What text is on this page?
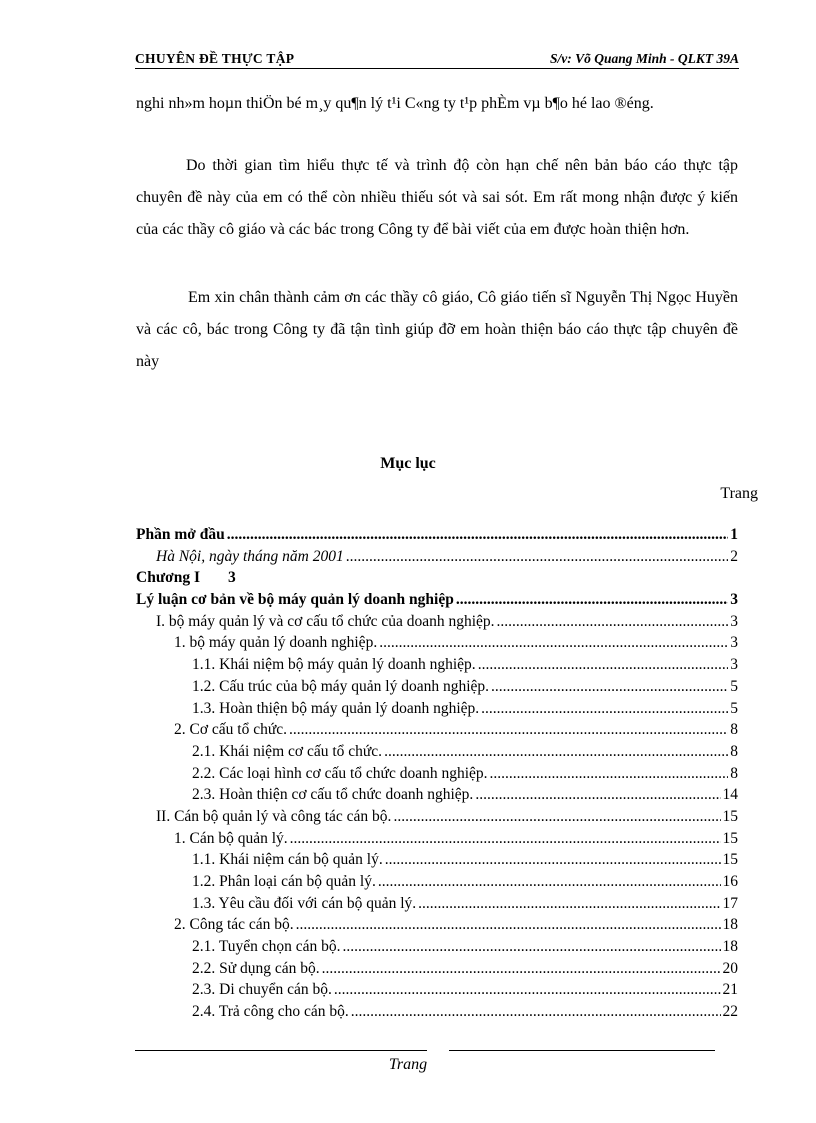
CHUYÊN ĐỀ THỰC TẬP	S/v: Võ Quang Minh - QLKT 39A

nghi nh»m hoµn thiÖn bé m¸y qu¶n lý t¹i C«ng ty t¹p phÈm vµ b¶o hé lao ®éng.

Do thời gian tìm hiểu thực tế và trình độ còn hạn chế nên bản báo cáo thực tập chuyên đề này của em có thể còn nhiều thiếu sót và sai sót. Em rất mong nhận được ý kiến của các thầy cô giáo và các bác trong Công ty để bài viết của em được hoàn thiện hơn.

Em xin chân thành cảm ơn các thầy cô giáo, Cô giáo tiến sĩ Nguyễn Thị Ngọc Huyền và các cô, bác trong Công ty đã tận tình giúp đỡ em hoàn thiện báo cáo thực tập chuyên đề này

Mục lục
Trang
Phần mở đầu .....	1
Hà Nội, ngày tháng năm 2001 .....	2
Chương I 3
Lý luận cơ bản về bộ máy quản lý doanh nghiệp .....	3
I. bộ máy quản lý và cơ cấu tổ chức của doanh nghiệp. .....	3
1. bộ máy quản lý doanh nghiệp. .....	3
1.1. Khái niệm bộ máy quản lý doanh nghiệp. .....	3
1.2. Cấu trúc của bộ máy quản lý doanh nghiệp. .....	5
1.3. Hoàn thiện bộ máy quản lý doanh nghiệp. .....	5
2. Cơ cấu tổ chức. .....	8
2.1. Khái niệm cơ cấu tổ chức. .....	8
2.2. Các loại hình cơ cấu tổ chức doanh nghiệp. .....	8
2.3. Hoàn thiện cơ cấu tổ chức doanh nghiệp. .....	14
II. Cán bộ quản lý và công tác cán bộ. .....	15
1. Cán bộ quản lý. .....	15
1.1. Khái niệm cán bộ quản lý. .....	15
1.2. Phân loại cán bộ quản lý. .....	16
1.3. Yêu cầu đối với cán bộ quản lý. .....	17
2. Công tác cán bộ. .....	18
2.1. Tuyển chọn cán bộ. .....	18
2.2. Sử dụng cán bộ. .....	20
2.3. Di chuyển cán bộ. .....	21
2.4. Trả công cho cán bộ. .....	22
Trang
